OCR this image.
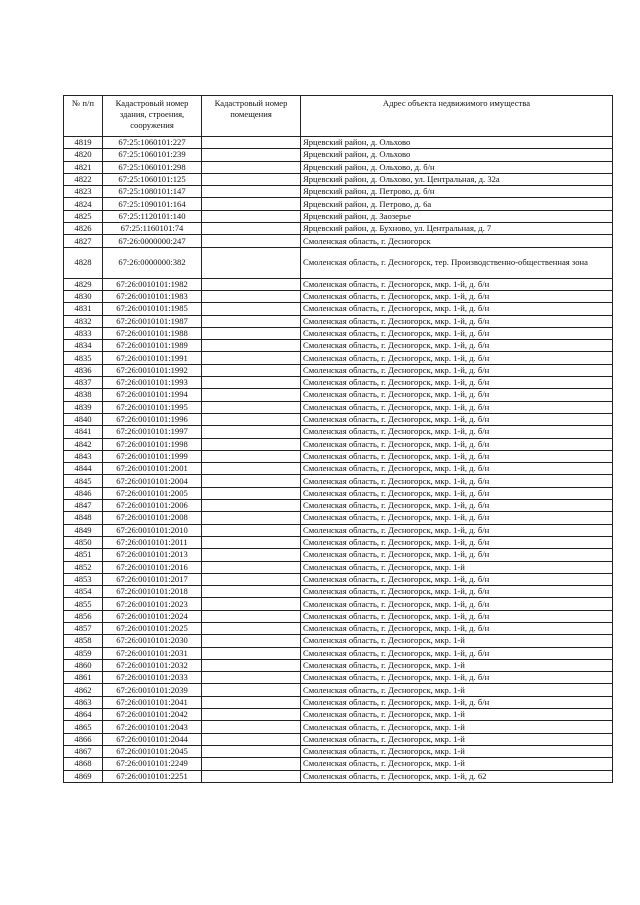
№ п/п	Кадастровый номер здания, строения, сооружения	Кадастровый номер помещения	Адрес объекта недвижимого имущества
4819	67:25:1060101:227		Ярцевский район, д. Ольхово
4820	67:25:1060101:239		Ярцевский район, д. Ольхово
4821	67:25:1060101:298		Ярцевский район, д. Ольхово, д. б/н
4822	67:25:1060101:125		Ярцевский район, д. Ольхово, ул. Центральная, д. 32а
4823	67:25:1080101:147		Ярцевский район, д. Петрово, д. б/н
4824	67:25:1090101:164		Ярцевский район, д. Петрово, д. 6а
4825	67:25:1120101:140		Ярцевский район, д. Заозерье
4826	67:25:1160101:74		Ярцевский район, д. Бухново, ул. Центральная, д. 7
4827	67:26:0000000:247		Смоленская область, г. Десногорск
4828	67:26:0000000:382		Смоленская область, г. Десногорск, тер. Производственно-общественная зона
4829	67:26:0010101:1982		Смоленская область, г. Десногорск, мкр. 1-й, д. б/н
4830	67:26:0010101:1983		Смоленская область, г. Десногорск, мкр. 1-й, д. б/н
4831	67:26:0010101:1985		Смоленская область, г. Десногорск, мкр. 1-й, д. б/н
4832	67:26:0010101:1987		Смоленская область, г. Десногорск, мкр. 1-й, д. б/н
4833	67:26:0010101:1988		Смоленская область, г. Десногорск, мкр. 1-й, д. б/н
4834	67:26:0010101:1989		Смоленская область, г. Десногорск, мкр. 1-й, д. б/н
4835	67:26:0010101:1991		Смоленская область, г. Десногорск, мкр. 1-й, д. б/н
4836	67:26:0010101:1992		Смоленская область, г. Десногорск, мкр. 1-й, д. б/н
4837	67:26:0010101:1993		Смоленская область, г. Десногорск, мкр. 1-й, д. б/н
4838	67:26:0010101:1994		Смоленская область, г. Десногорск, мкр. 1-й, д. б/н
4839	67:26:0010101:1995		Смоленская область, г. Десногорск, мкр. 1-й, д. б/н
4840	67:26:0010101:1996		Смоленская область, г. Десногорск, мкр. 1-й, д. б/н
4841	67:26:0010101:1997		Смоленская область, г. Десногорск, мкр. 1-й, д. б/н
4842	67:26:0010101:1998		Смоленская область, г. Десногорск, мкр. 1-й, д. б/н
4843	67:26:0010101:1999		Смоленская область, г. Десногорск, мкр. 1-й, д. б/н
4844	67:26:0010101:2001		Смоленская область, г. Десногорск, мкр. 1-й, д. б/н
4845	67:26:0010101:2004		Смоленская область, г. Десногорск, мкр. 1-й, д. б/н
4846	67:26:0010101:2005		Смоленская область, г. Десногорск, мкр. 1-й, д. б/н
4847	67:26:0010101:2006		Смоленская область, г. Десногорск, мкр. 1-й, д. б/н
4848	67:26:0010101:2008		Смоленская область, г. Десногорск, мкр. 1-й, д. б/н
4849	67:26:0010101:2010		Смоленская область, г. Десногорск, мкр. 1-й, д. б/н
4850	67:26:0010101:2011		Смоленская область, г. Десногорск, мкр. 1-й, д. б/н
4851	67:26:0010101:2013		Смоленская область, г. Десногорск, мкр. 1-й, д. б/н
4852	67:26:0010101:2016		Смоленская область, г. Десногорск, мкр. 1-й
4853	67:26:0010101:2017		Смоленская область, г. Десногорск, мкр. 1-й, д. б/н
4854	67:26:0010101:2018		Смоленская область, г. Десногорск, мкр. 1-й, д. б/н
4855	67:26:0010101:2023		Смоленская область, г. Десногорск, мкр. 1-й, д. б/н
4856	67:26:0010101:2024		Смоленская область, г. Десногорск, мкр. 1-й, д. б/н
4857	67:26:0010101:2025		Смоленская область, г. Десногорск, мкр. 1-й, д. б/н
4858	67:26:0010101:2030		Смоленская область, г. Десногорск, мкр. 1-й
4859	67:26:0010101:2031		Смоленская область, г. Десногорск, мкр. 1-й, д. б/н
4860	67:26:0010101:2032		Смоленская область, г. Десногорск, мкр. 1-й
4861	67:26:0010101:2033		Смоленская область, г. Десногорск, мкр. 1-й, д. б/н
4862	67:26:0010101:2039		Смоленская область, г. Десногорск, мкр. 1-й
4863	67:26:0010101:2041		Смоленская область, г. Десногорск, мкр. 1-й, д. б/н
4864	67:26:0010101:2042		Смоленская область, г. Десногорск, мкр. 1-й
4865	67:26:0010101:2043		Смоленская область, г. Десногорск, мкр. 1-й
4866	67:26:0010101:2044		Смоленская область, г. Десногорск, мкр. 1-й
4867	67:26:0010101:2045		Смоленская область, г. Десногорск, мкр. 1-й
4868	67:26:0010101:2249		Смоленская область, г. Десногорск, мкр. 1-й
4869	67:26:0010101:2251		Смоленская область, г. Десногорск, мкр. 1-й, д. 62
